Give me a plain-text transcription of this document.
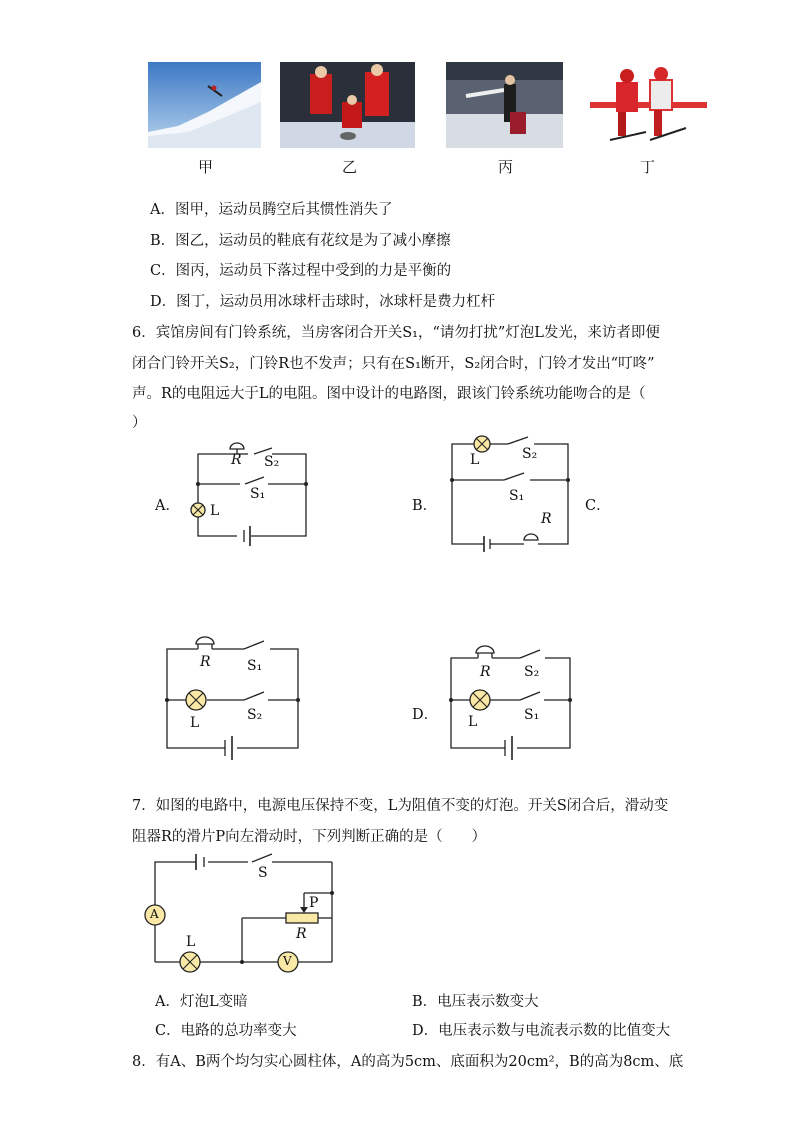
甲	乙	丙	丁
A．图甲，运动员腾空后其惯性消失了
B．图乙，运动员的鞋底有花纹是为了减小摩擦
C．图丙，运动员下落过程中受到的力是平衡的
D．图丁，运动员用冰球杆击球时，冰球杆是费力杠杆
6．宾馆房间有门铃系统，当房客闭合开关S₁，“请勿打扰”灯泡L发光，来访者即便
闭合门铃开关S₂，门铃R也不发声；只有在S₁断开，S₂闭合时，门铃才发出“叮咚”
声。R的电阻远大于L的电阻。图中设计的电路图，跟该门铃系统功能吻合的是（
）
A．
R S₂
S₁
L	B．	C．
L	S₂
S₁
R
R	S₁
L	S₂	D．
R S₂
L	S₁
7．如图的电路中，电源电压保持不变，L为阻值不变的灯泡。开关S闭合后，滑动变
阻器R的滑片P向左滑动时，下列判断正确的是（　　）
A
V
S
P
R
L
A．灯泡L变暗	B．电压表示数变大
C．电路的总功率变大	D．电压表示数与电流表示数的比值变大
8．有A、B两个均匀实心圆柱体，A的高为5cm、底面积为20cm²，B的高为8cm、底
